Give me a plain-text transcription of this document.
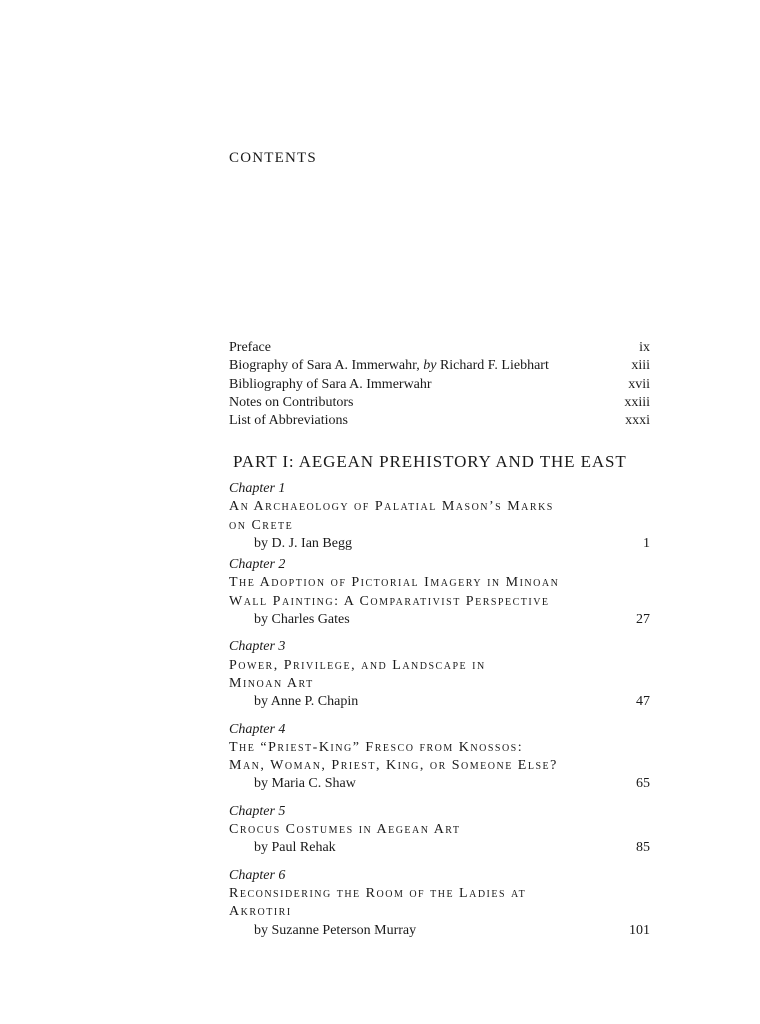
CONTENTS
Preface	ix
Biography of Sara A. Immerwahr, by Richard F. Liebhart	xiii
Bibliography of Sara A. Immerwahr	xvii
Notes on Contributors	xxiii
List of Abbreviations	xxxi
PART I: AEGEAN PREHISTORY AND THE EAST
Chapter 1
An Archaeology of Palatial Mason’s Marks
on Crete
by D. J. Ian Begg	1
Chapter 2
The Adoption of Pictorial Imagery in Minoan
Wall Painting: A Comparativist Perspective
by Charles Gates	27
Chapter 3
Power, Privilege, and Landscape in
Minoan Art
by Anne P. Chapin	47
Chapter 4
The “Priest-King” Fresco from Knossos:
Man, Woman, Priest, King, or Someone Else?
by Maria C. Shaw	65
Chapter 5
Crocus Costumes in Aegean Art
by Paul Rehak	85
Chapter 6
Reconsidering the Room of the Ladies at
Akrotiri
by Suzanne Peterson Murray	101
